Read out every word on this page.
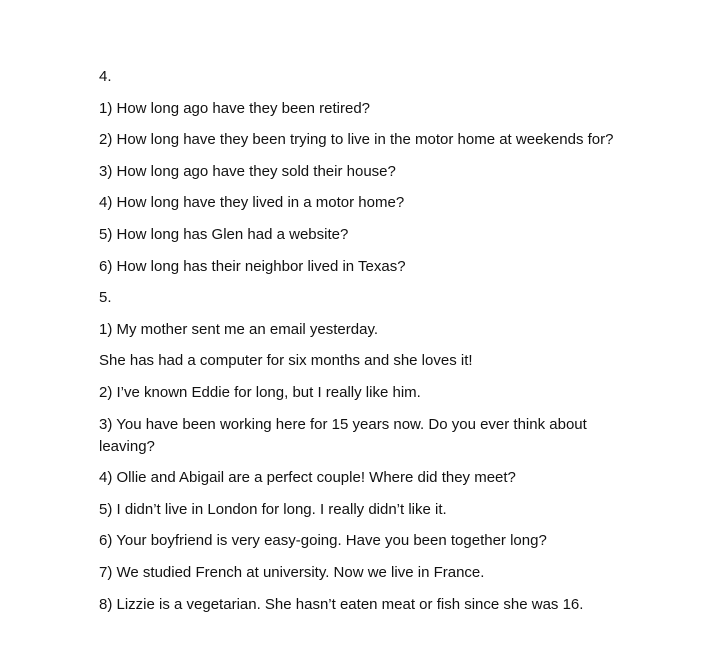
4.
1) How long ago have they been retired?
2) How long have they been trying to live in the motor home at weekends for?
3) How long ago have they sold their house?
4) How long have they lived in a motor home?
5) How long has Glen had a website?
6) How long has their neighbor lived in Texas?
5.
1) My mother sent me an email yesterday.
She has had a computer for six months and she loves it!
2) I’ve known Eddie for long, but I really like him.
3) You have been working here for 15 years now. Do you ever think about leaving?
4) Ollie and Abigail are a perfect couple! Where did they meet?
5) I didn’t live in London for long. I really didn’t like it.
6) Your boyfriend is very easy-going. Have you been together long?
7) We studied French at university. Now we live in France.
8) Lizzie is a vegetarian. She hasn’t eaten meat or fish since she was 16.
